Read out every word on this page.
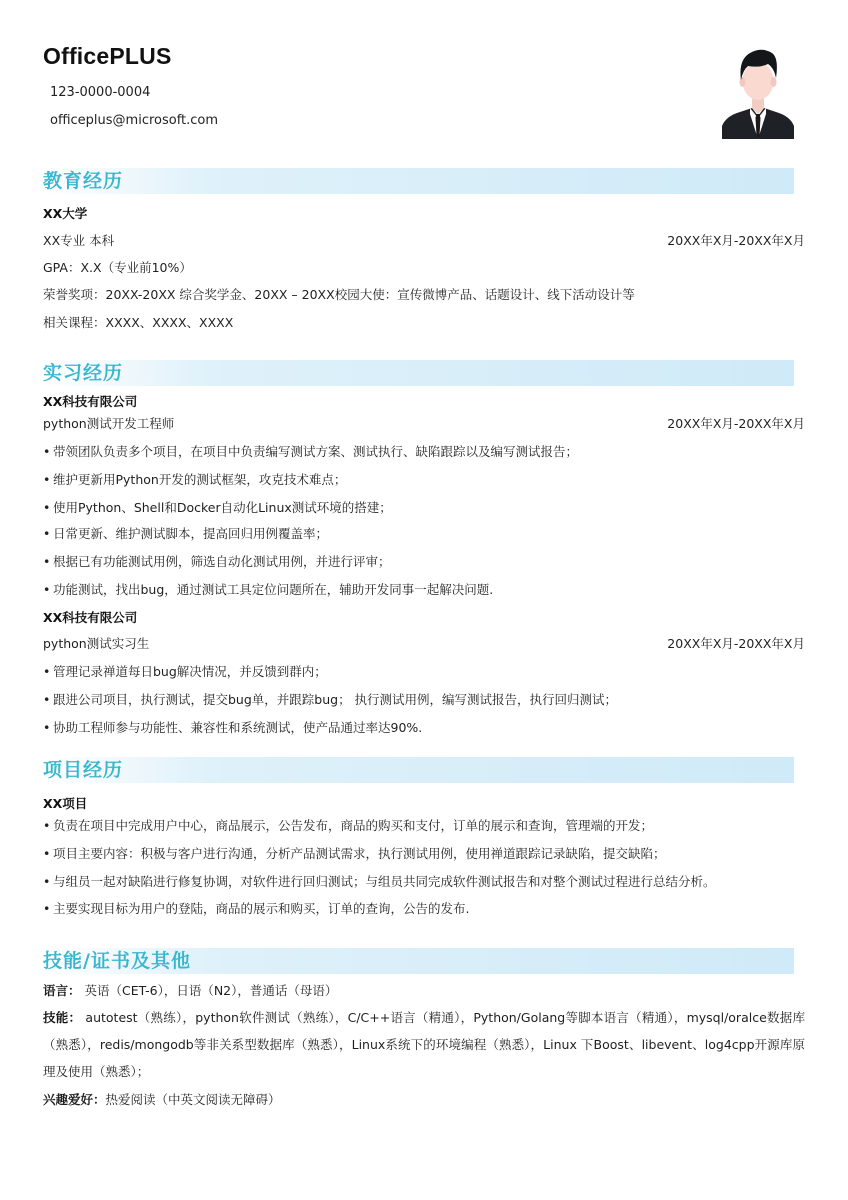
OfficePLUS
123-0000-0004
officeplus@microsoft.com
教育经历
XX大学
XX专业 本科	20XX年X月-20XX年X月
GPA：X.X（专业前10%）
荣誉奖项：20XX-20XX 综合奖学金、20XX – 20XX校园大使：宣传微博产品、话题设计、线下活动设计等
相关课程：XXXX、XXXX、XXXX
实习经历
XX科技有限公司
python测试开发工程师	20XX年X月-20XX年X月
• 带领团队负责多个项目，在项目中负责编写测试方案、测试执行、缺陷跟踪以及编写测试报告；
• 维护更新用Python开发的测试框架，攻克技术难点；
• 使用Python、Shell和Docker自动化Linux测试环境的搭建；
• 日常更新、维护测试脚本，提高回归用例覆盖率；
• 根据已有功能测试用例，筛选自动化测试用例，并进行评审；
• 功能测试，找出bug，通过测试工具定位问题所在，辅助开发同事一起解决问题.
XX科技有限公司
python测试实习生	20XX年X月-20XX年X月
• 管理记录禅道每日bug解决情况，并反馈到群内；
• 跟进公司项目，执行测试，提交bug单，并跟踪bug； 执行测试用例，编写测试报告，执行回归测试；
• 协助工程师参与功能性、兼容性和系统测试，使产品通过率达90%.
项目经历
XX项目
• 负责在项目中完成用户中心，商品展示，公告发布，商品的购买和支付，订单的展示和查询，管理端的开发；
• 项目主要内容：积极与客户进行沟通，分析产品测试需求，执行测试用例，使用禅道跟踪记录缺陷，提交缺陷；
• 与组员一起对缺陷进行修复协调，对软件进行回归测试；与组员共同完成软件测试报告和对整个测试过程进行总结分析。
• 主要实现目标为用户的登陆，商品的展示和购买，订单的查询，公告的发布.
技能/证书及其他
语言： 英语（CET-6），日语（N2），普通话（母语）
技能： autotest（熟练），python软件测试（熟练），C/C++语言（精通），Python/Golang等脚本语言（精通），mysql/oralce数据库（熟悉），redis/mongodb等非关系型数据库（熟悉），Linux系统下的环境编程（熟悉），Linux 下Boost、libevent、log4cpp开源库原理及使用（熟悉）；
兴趣爱好：热爱阅读（中英文阅读无障碍）
